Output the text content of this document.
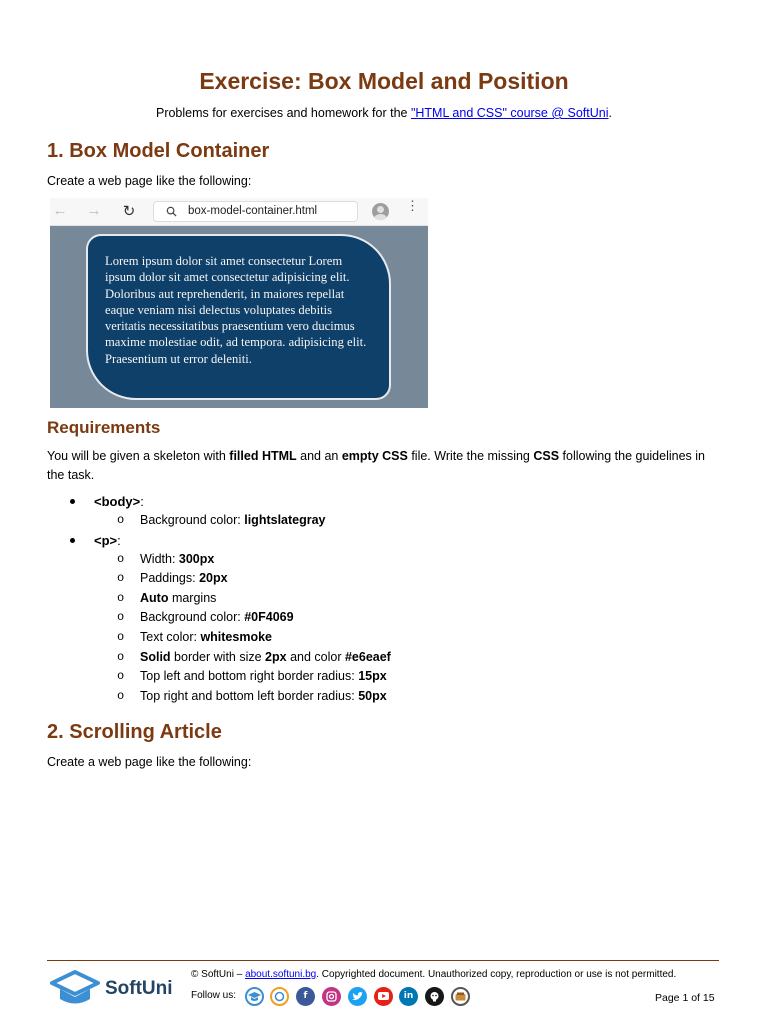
Exercise: Box Model and Position
Problems for exercises and homework for the "HTML and CSS" course @ SoftUni.
1. Box Model Container
Create a web page like the following:
← → ↻	box-model-container.html	⋮
Lorem ipsum dolor sit amet consectetur Lorem ipsum dolor sit amet consectetur adipisicing elit. Doloribus aut reprehenderit, in maiores repellat eaque veniam nisi delectus voluptates debitis veritatis necessitatibus praesentium vero ducimus maxime molestiae odit, ad tempora. adipisicing elit. Praesentium ut error deleniti.
Requirements
You will be given a skeleton with filled HTML and an empty CSS file. Write the missing CSS following the guidelines in the task.
<body>:
o Background color: lightslategray
<p>:
o Width: 300px
o Paddings: 20px
o Auto margins
o Background color: #0F4069
o Text color: whitesmoke
o Solid border with size 2px and color #e6eaef
o Top left and bottom right border radius: 15px
o Top right and bottom left border radius: 50px
2. Scrolling Article
Create a web page like the following:
SoftUni
© SoftUni – about.softuni.bg. Copyrighted document. Unauthorized copy, reproduction or use is not permitted.
Follow us:	f	in	Page 1 of 15
